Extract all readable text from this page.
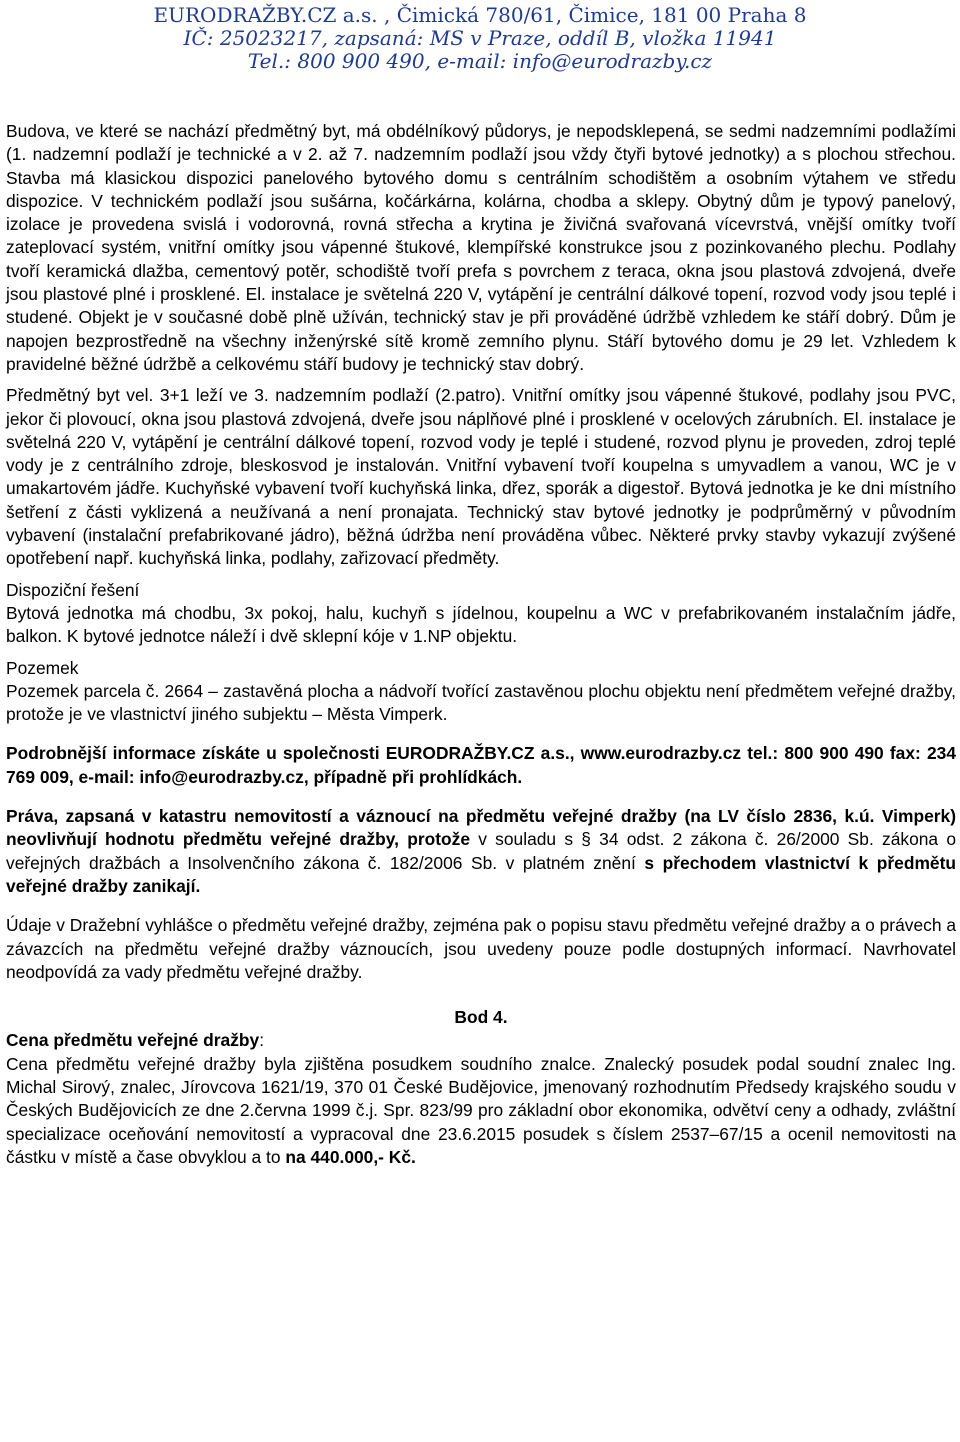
EURODRAŽBY.CZ a.s. , Čimická 780/61, Čimice, 181 00 Praha 8
IČ: 25023217, zapsaná: MS v Praze, oddíl B, vložka 11941
Tel.: 800 900 490, e-mail: info@eurodrazby.cz

Budova, ve které se nachází předmětný byt, má obdélníkový půdorys, je nepodsklepená, se sedmi nadzemními podlažími (1. nadzemní podlaží je technické a v 2. až 7. nadzemním podlaží jsou vždy čtyři bytové jednotky) a s plochou střechou. Stavba má klasickou dispozici panelového bytového domu s centrálním schodištěm a osobním výtahem ve středu dispozice. V technickém podlaží jsou sušárna, kočárkárna, kolárna, chodba a sklepy. Obytný dům je typový panelový, izolace je provedena svislá i vodorovná, rovná střecha a krytina je živičná svařovaná vícevrstvá, vnější omítky tvoří zateplovací systém, vnitřní omítky jsou vápenné štukové, klempířské konstrukce jsou z pozinkovaného plechu. Podlahy tvoří keramická dlažba, cementový potěr, schodiště tvoří prefa s povrchem z teraca, okna jsou plastová zdvojená, dveře jsou plastové plné i prosklené. El. instalace je světelná 220 V, vytápění je centrální dálkové topení, rozvod vody jsou teplé i studené. Objekt je v současné době plně užíván, technický stav je při prováděné údržbě vzhledem ke stáří dobrý. Dům je napojen bezprostředně na všechny inženýrské sítě kromě zemního plynu. Stáří bytového domu je 29 let. Vzhledem k pravidelné běžné údržbě a celkovému stáří budovy je technický stav dobrý.

Předmětný byt vel. 3+1 leží ve 3. nadzemním podlaží (2.patro). Vnitřní omítky jsou vápenné štukové, podlahy jsou PVC, jekor či plovoucí, okna jsou plastová zdvojená, dveře jsou náplňové plné i prosklené v ocelových zárubních. El. instalace je světelná 220 V, vytápění je centrální dálkové topení, rozvod vody je teplé i studené, rozvod plynu je proveden, zdroj teplé vody je z centrálního zdroje, bleskosvod je instalován. Vnitřní vybavení tvoří koupelna s umyvadlem a vanou, WC je v umakartovém jádře. Kuchyňské vybavení tvoří kuchyňská linka, dřez, sporák a digestoř. Bytová jednotka je ke dni místního šetření z části vyklizená a neužívaná a není pronajata. Technický stav bytové jednotky je podprůměrný v původním vybavení (instalační prefabrikované jádro), běžná údržba není prováděna vůbec. Některé prvky stavby vykazují zvýšené opotřebení např. kuchyňská linka, podlahy, zařizovací předměty.

Dispoziční řešení

Bytová jednotka má chodbu, 3x pokoj, halu, kuchyň s jídelnou, koupelnu a WC v prefabrikovaném instalačním jádře, balkon. K bytové jednotce náleží i dvě sklepní kóje v 1.NP objektu.

Pozemek

Pozemek parcela č. 2664 – zastavěná plocha a nádvoří tvořící zastavěnou plochu objektu není předmětem veřejné dražby, protože je ve vlastnictví jiného subjektu – Města Vimperk.

Podrobnější informace získáte u společnosti EURODRAŽBY.CZ a.s., www.eurodrazby.cz tel.: 800 900 490 fax: 234 769 009, e-mail: info@eurodrazby.cz, případně při prohlídkách.

Práva, zapsaná v katastru nemovitostí a váznoucí na předmětu veřejné dražby (na LV číslo 2836, k.ú. Vimperk) neovlivňují hodnotu předmětu veřejné dražby, protože v souladu s § 34 odst. 2 zákona č. 26/2000 Sb. zákona o veřejných dražbách a Insolvenčního zákona č. 182/2006 Sb. v platném znění s přechodem vlastnictví k předmětu veřejné dražby zanikají.

Údaje v Dražební vyhlášce o předmětu veřejné dražby, zejména pak o popisu stavu předmětu veřejné dražby a o právech a závazcích na předmětu veřejné dražby váznoucích, jsou uvedeny pouze podle dostupných informací. Navrhovatel neodpovídá za vady předmětu veřejné dražby.

Bod 4.

Cena předmětu veřejné dražby:

Cena předmětu veřejné dražby byla zjištěna posudkem soudního znalce. Znalecký posudek podal soudní znalec Ing. Michal Sirový, znalec, Jírovcova 1621/19, 370 01 České Budějovice, jmenovaný rozhodnutím Předsedy krajského soudu v Českých Budějovicích ze dne 2.června 1999 č.j. Spr. 823/99 pro základní obor ekonomika, odvětví ceny a odhady, zvláštní specializace oceňování nemovitostí a vypracoval dne 23.6.2015 posudek s číslem 2537–67/15 a ocenil nemovitosti na částku v místě a čase obvyklou a to na 440.000,- Kč.
